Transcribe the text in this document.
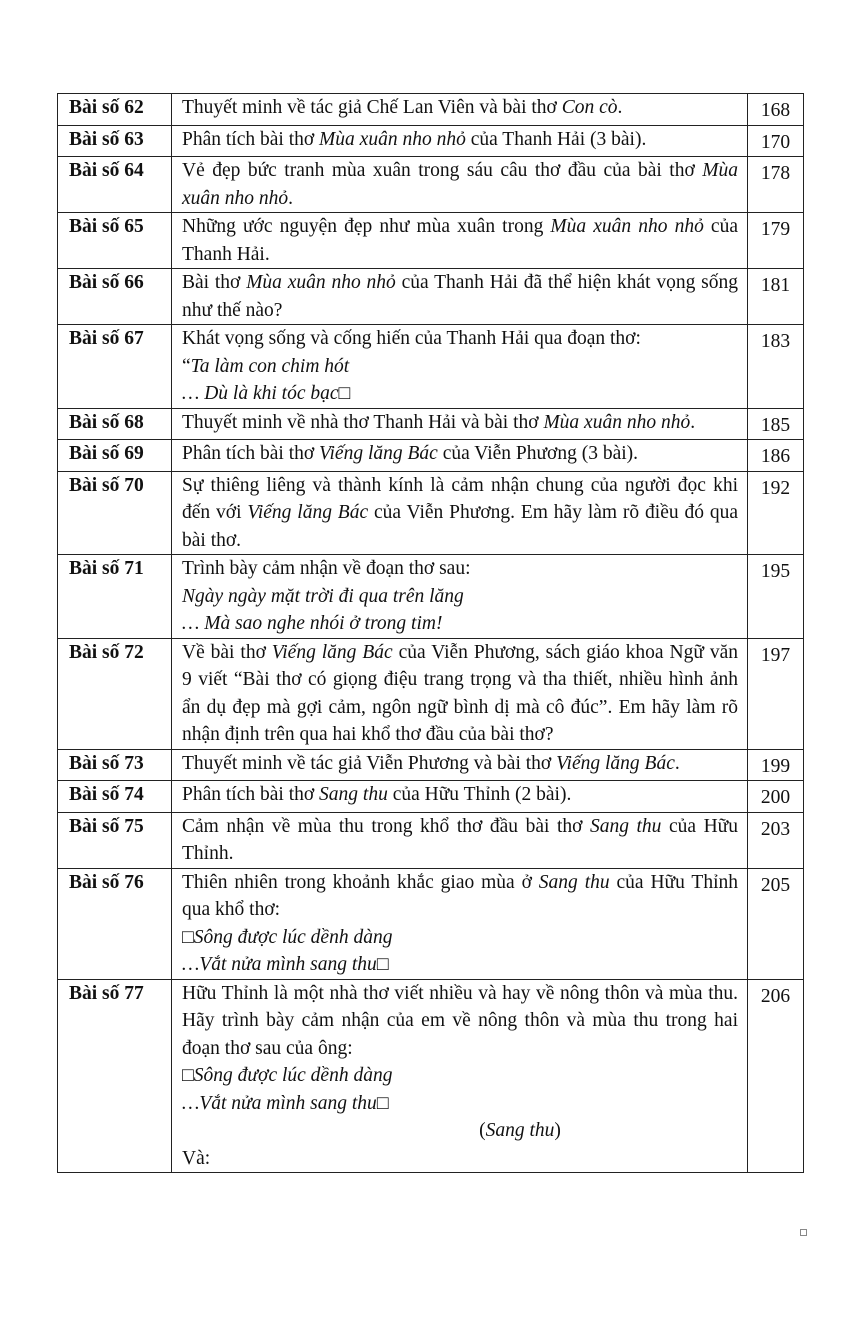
Bài số 62	Thuyết minh về tác giả Chế Lan Viên và bài thơ Con cò.	168
Bài số 63	Phân tích bài thơ Mùa xuân nho nhỏ của Thanh Hải (3 bài).	170
Bài số 64	Vẻ đẹp bức tranh mùa xuân trong sáu câu thơ đầu của bài thơ Mùa xuân nho nhỏ.	178
Bài số 65	Những ước nguyện đẹp như mùa xuân trong Mùa xuân nho nhỏ của Thanh Hải.	179
Bài số 66	Bài thơ Mùa xuân nho nhỏ của Thanh Hải đã thể hiện khát vọng sống như thế nào?	181
Bài số 67	Khát vọng sống và cống hiến của Thanh Hải qua đoạn thơ:
“Ta làm con chim hót
… Dù là khi tóc bạc□	183
Bài số 68	Thuyết minh về nhà thơ Thanh Hải và bài thơ Mùa xuân nho nhỏ.	185
Bài số 69	Phân tích bài thơ Viếng lăng Bác của Viễn Phương (3 bài).	186
Bài số 70	Sự thiêng liêng và thành kính là cảm nhận chung của người đọc khi đến với Viếng lăng Bác của Viễn Phương. Em hãy làm rõ điều đó qua bài thơ.	192
Bài số 71	Trình bày cảm nhận về đoạn thơ sau:
Ngày ngày mặt trời đi qua trên lăng
… Mà sao nghe nhói ở trong tim!	195
Bài số 72	Về bài thơ Viếng lăng Bác của Viễn Phương, sách giáo khoa Ngữ văn 9 viết “Bài thơ có giọng điệu trang trọng và tha thiết, nhiều hình ảnh ẩn dụ đẹp mà gợi cảm, ngôn ngữ bình dị mà cô đúc”. Em hãy làm rõ nhận định trên qua hai khổ thơ đầu của bài thơ?	197
Bài số 73	Thuyết minh về tác giả Viễn Phương và bài thơ Viếng lăng Bác.	199
Bài số 74	Phân tích bài thơ Sang thu của Hữu Thỉnh (2 bài).	200
Bài số 75	Cảm nhận về mùa thu trong khổ thơ đầu bài thơ Sang thu của Hữu Thỉnh.	203
Bài số 76	Thiên nhiên trong khoảnh khắc giao mùa ở Sang thu của Hữu Thỉnh qua khổ thơ:
□Sông được lúc dềnh dàng
…Vắt nửa mình sang thu□	205
Bài số 77	Hữu Thỉnh là một nhà thơ viết nhiều và hay về nông thôn và mùa thu. Hãy trình bày cảm nhận của em về nông thôn và mùa thu trong hai đoạn thơ sau của ông:
□Sông được lúc dềnh dàng
…Vắt nửa mình sang thu□
(Sang thu)
Và:	206
